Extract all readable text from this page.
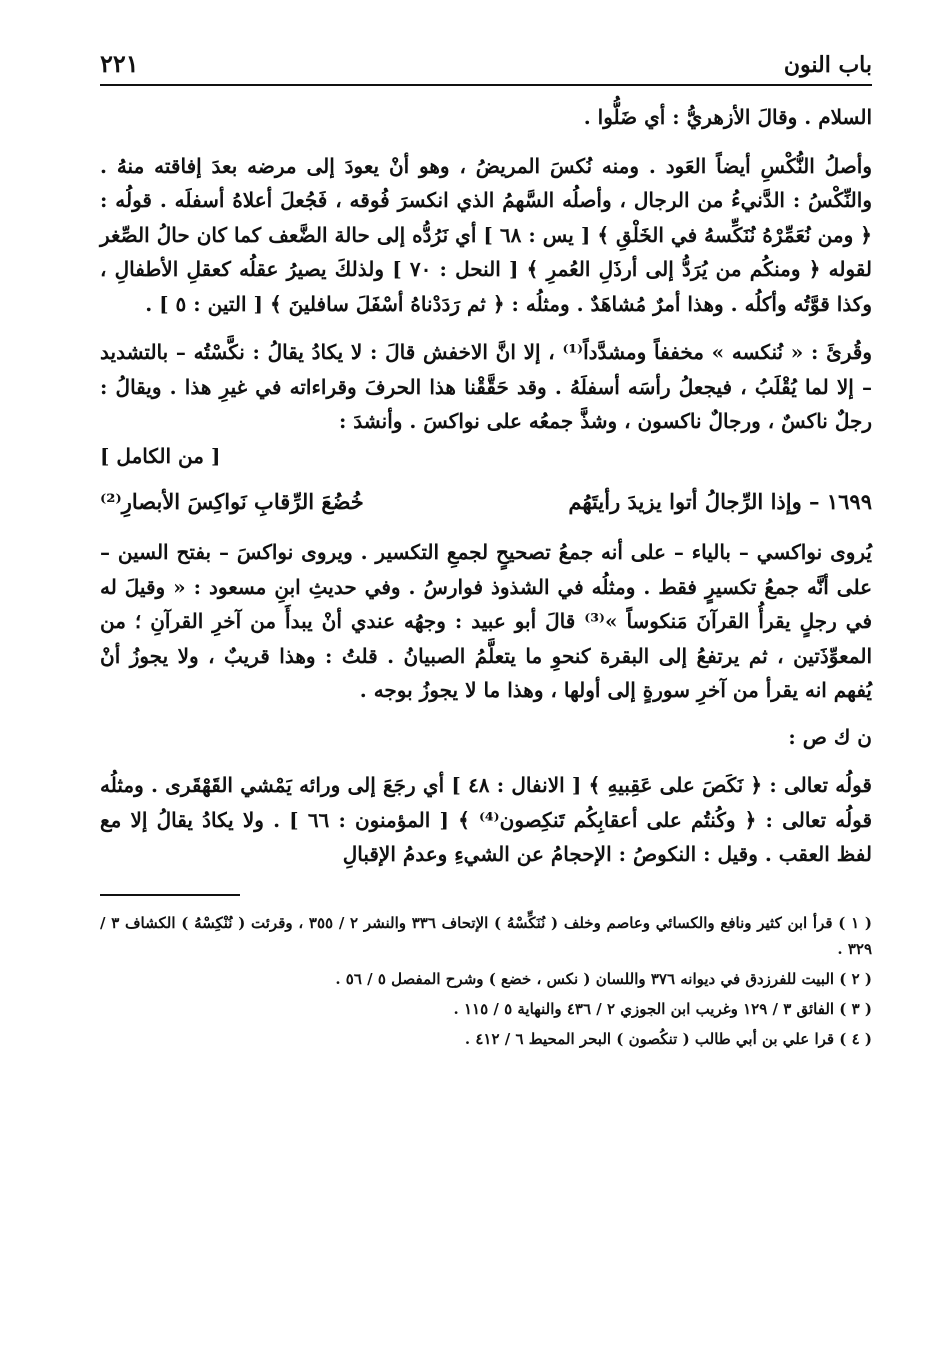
باب النون
٢٢١

السلام . وقالَ الأزهريُّ : أي ضَلُّوا .

وأصلُ النُّكْسِ أيضاً العَود . ومنه نُكسَ المريضُ ، وهو أنْ يعودَ إلى مرضه بعدَ إفاقته منهُ . والنِّكْسُ : الدَّنيءُ من الرجال ، وأصلُه السَّهمُ الذي انكسرَ فُوقه ، فَجُعلَ أعلاهُ أسفلَه . قولُه : ﴿ ومن نُعَمِّرْهُ نُنَكِّسهُ في الخَلْقِ ﴾ [ يس : ٦٨ ] أي نَرُدُّه إلى حالة الضَّعف كما كان حالُ الصِّغر لقوله ﴿ ومنكُم من يُرَدُّ إلى أرذَلِ العُمرِ ﴾ [ النحل : ٧٠ ] ولذلكَ يصيرُ عقلُه كعقلِ الأطفالِ ، وكذا قوَّتُه وأكلُه . وهذا أمرٌ مُشاهَدٌ . ومثلُه : ﴿ ثم رَدَدْناهُ أسْفَلَ سافلينَ ﴾ [ التين : ٥ ] .

وقُرئَ : « نُنكسه » مخففاً ومشدَّداً⁽¹⁾ ، إلا انَّ الاخفش قالَ : لا يكادُ يقالُ : نكَّسْتُه – بالتشديد – إلا لما يُقْلَبُ ، فيجعلُ رأسَه أسفلَهُ . وقد حَقَّقْنا هذا الحرفَ وقراءاته في غيرِ هذا . ويقالُ : رجلٌ ناكسٌ ، ورجالٌ ناكسون ، وشذَّ جمعُه على نواكسَ . وأنشدَ :

[ من الكامل ]

١٦٩٩ – وإذا الرِّجالُ أتوا يزيدَ رأيتَهُم
خُضُعَ الرِّقابِ نَواكِسَ الأبصارِ⁽²⁾

يُروى نواكسي – بالياء – على أنه جمعُ تصحيحٍ لجمعِ التكسير . ويروى نواكسَ – بفتح السين – على أنَّه جمعُ تكسيرٍ فقط . ومثلُه في الشذوذ فوارسُ . وفي حديثِ ابنِ مسعود : « وقيلَ له في رجلٍ يقرأُ القرآنَ مَنكوساً »⁽³⁾ قالَ أبو عبيد : وجهُه عندي أنْ يبدأَ من آخرِ القرآنِ ؛ من المعوِّذَتين ، ثم يرتفعُ إلى البقرة كنحوِ ما يتعلَّمُ الصبيانُ . قلتُ : وهذا قريبٌ ، ولا يجوزُ أنْ يُفهم انه يقرأ من آخرِ سورةٍ إلى أولها ، وهذا ما لا يجوزُ بوجه .

ن ك ص :

قولُه تعالى : ﴿ نَكَصَ على عَقِبيهِ ﴾ [ الانفال : ٤٨ ] أي رجَعَ إلى ورائه يَمْشي القَهْقَرى . ومثلُه قولُه تعالى : ﴿ وكُنتُم على أعقابِكُم تَنكِصون⁽⁴⁾ ﴾ [ المؤمنون : ٦٦ ] . ولا يكادُ يقالُ إلا مع لفظ العقب . وقيل : النكوصُ : الإحجامُ عن الشيءِ وعدمُ الإقبالِ

( ١ ) قرأ ابن كثير ونافع والكسائي وعاصم وخلف ( نُنَكِّسْهُ ) الإتحاف ٣٣٦ والنشر ٢ / ٣٥٥ ، وقرئت ( نُنْكِسْهُ ) الكشاف ٣ / ٣٢٩ .

( ٢ ) البيت للفرزدق في ديوانه ٣٧٦ واللسان ( نكس ، خضع ) وشرح المفصل ٥ / ٥٦ .

( ٣ ) الفائق ٣ / ١٢٩ وغريب ابن الجوزي ٢ / ٤٣٦ والنهاية ٥ / ١١٥ .

( ٤ ) قرا علي بن أبي طالب ( تنكُصون ) البحر المحيط ٦ / ٤١٢ .
